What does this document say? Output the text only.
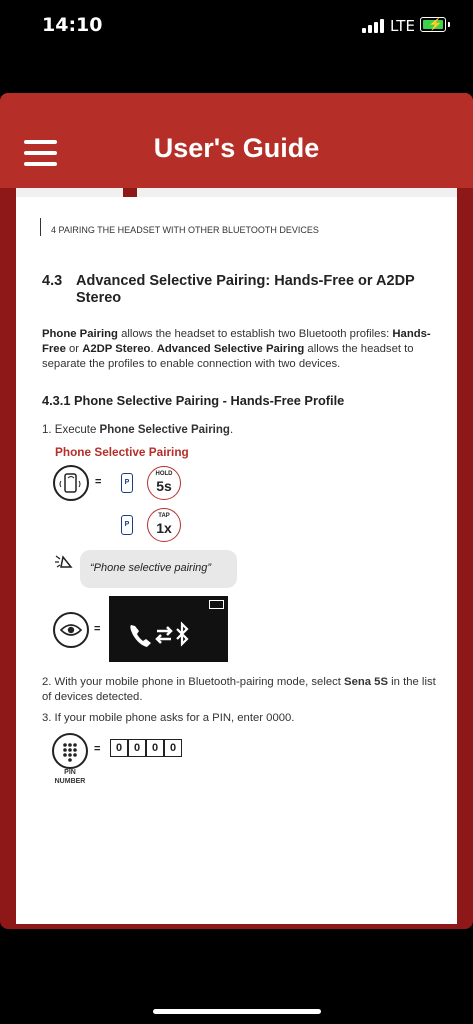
14:10	LTE ⚡
User's Guide
4 PAIRING THE HEADSET WITH OTHER BLUETOOTH DEVICES
4.3 Advanced Selective Pairing: Hands-Free or A2DP Stereo
Phone Pairing allows the headset to establish two Bluetooth profiles: Hands-Free or A2DP Stereo. Advanced Selective Pairing allows the headset to separate the profiles to enable connection with two devices.
4.3.1 Phone Selective Pairing - Hands-Free Profile
1. Execute Phone Selective Pairing.
Phone Selective Pairing
=	P
HOLD
5s
P
TAP
1x
“Phone selective pairing”
=
2. With your mobile phone in Bluetooth-pairing mode, select Sena 5S in the list of devices detected.
3. If your mobile phone asks for a PIN, enter 0000.
PIN
NUMBER
=	0	0	0	0
